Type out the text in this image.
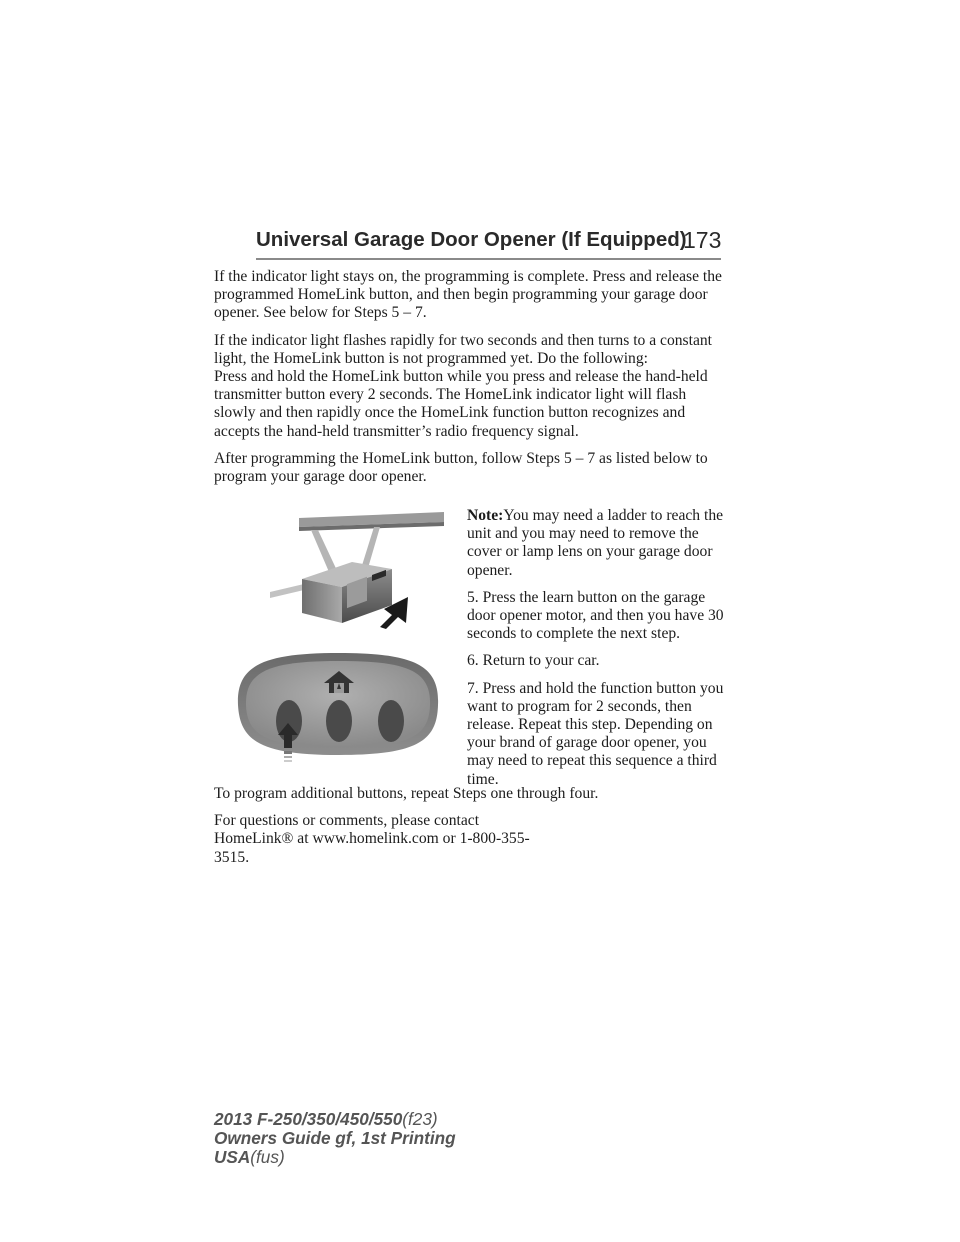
Universal Garage Door Opener (If Equipped)
173

If the indicator light stays on, the programming is complete. Press and release the programmed HomeLink button, and then begin programming your garage door opener. See below for Steps 5 – 7.

If the indicator light flashes rapidly for two seconds and then turns to a constant light, the HomeLink button is not programmed yet. Do the following:

Press and hold the HomeLink button while you press and release the hand-held transmitter button every 2 seconds. The HomeLink indicator light will flash slowly and then rapidly once the HomeLink function button recognizes and accepts the hand-held transmitter’s radio frequency signal.

After programming the HomeLink button, follow Steps 5 – 7 as listed below to program your garage door opener.

Note:You may need a ladder to reach the unit and you may need to remove the cover or lamp lens on your garage door opener.

5. Press the learn button on the garage door opener motor, and then you have 30 seconds to complete the next step.

6. Return to your car.

7. Press and hold the function button you want to program for 2 seconds, then release. Repeat this step. Depending on your brand of garage door opener, you may need to repeat this sequence a third time.

To program additional buttons, repeat Steps one through four.

For questions or comments, please contact HomeLink® at www.homelink.com or 1-800-355-3515.

2013 F-250/350/450/550(f23)
Owners Guide gf, 1st Printing
USA(fus)
